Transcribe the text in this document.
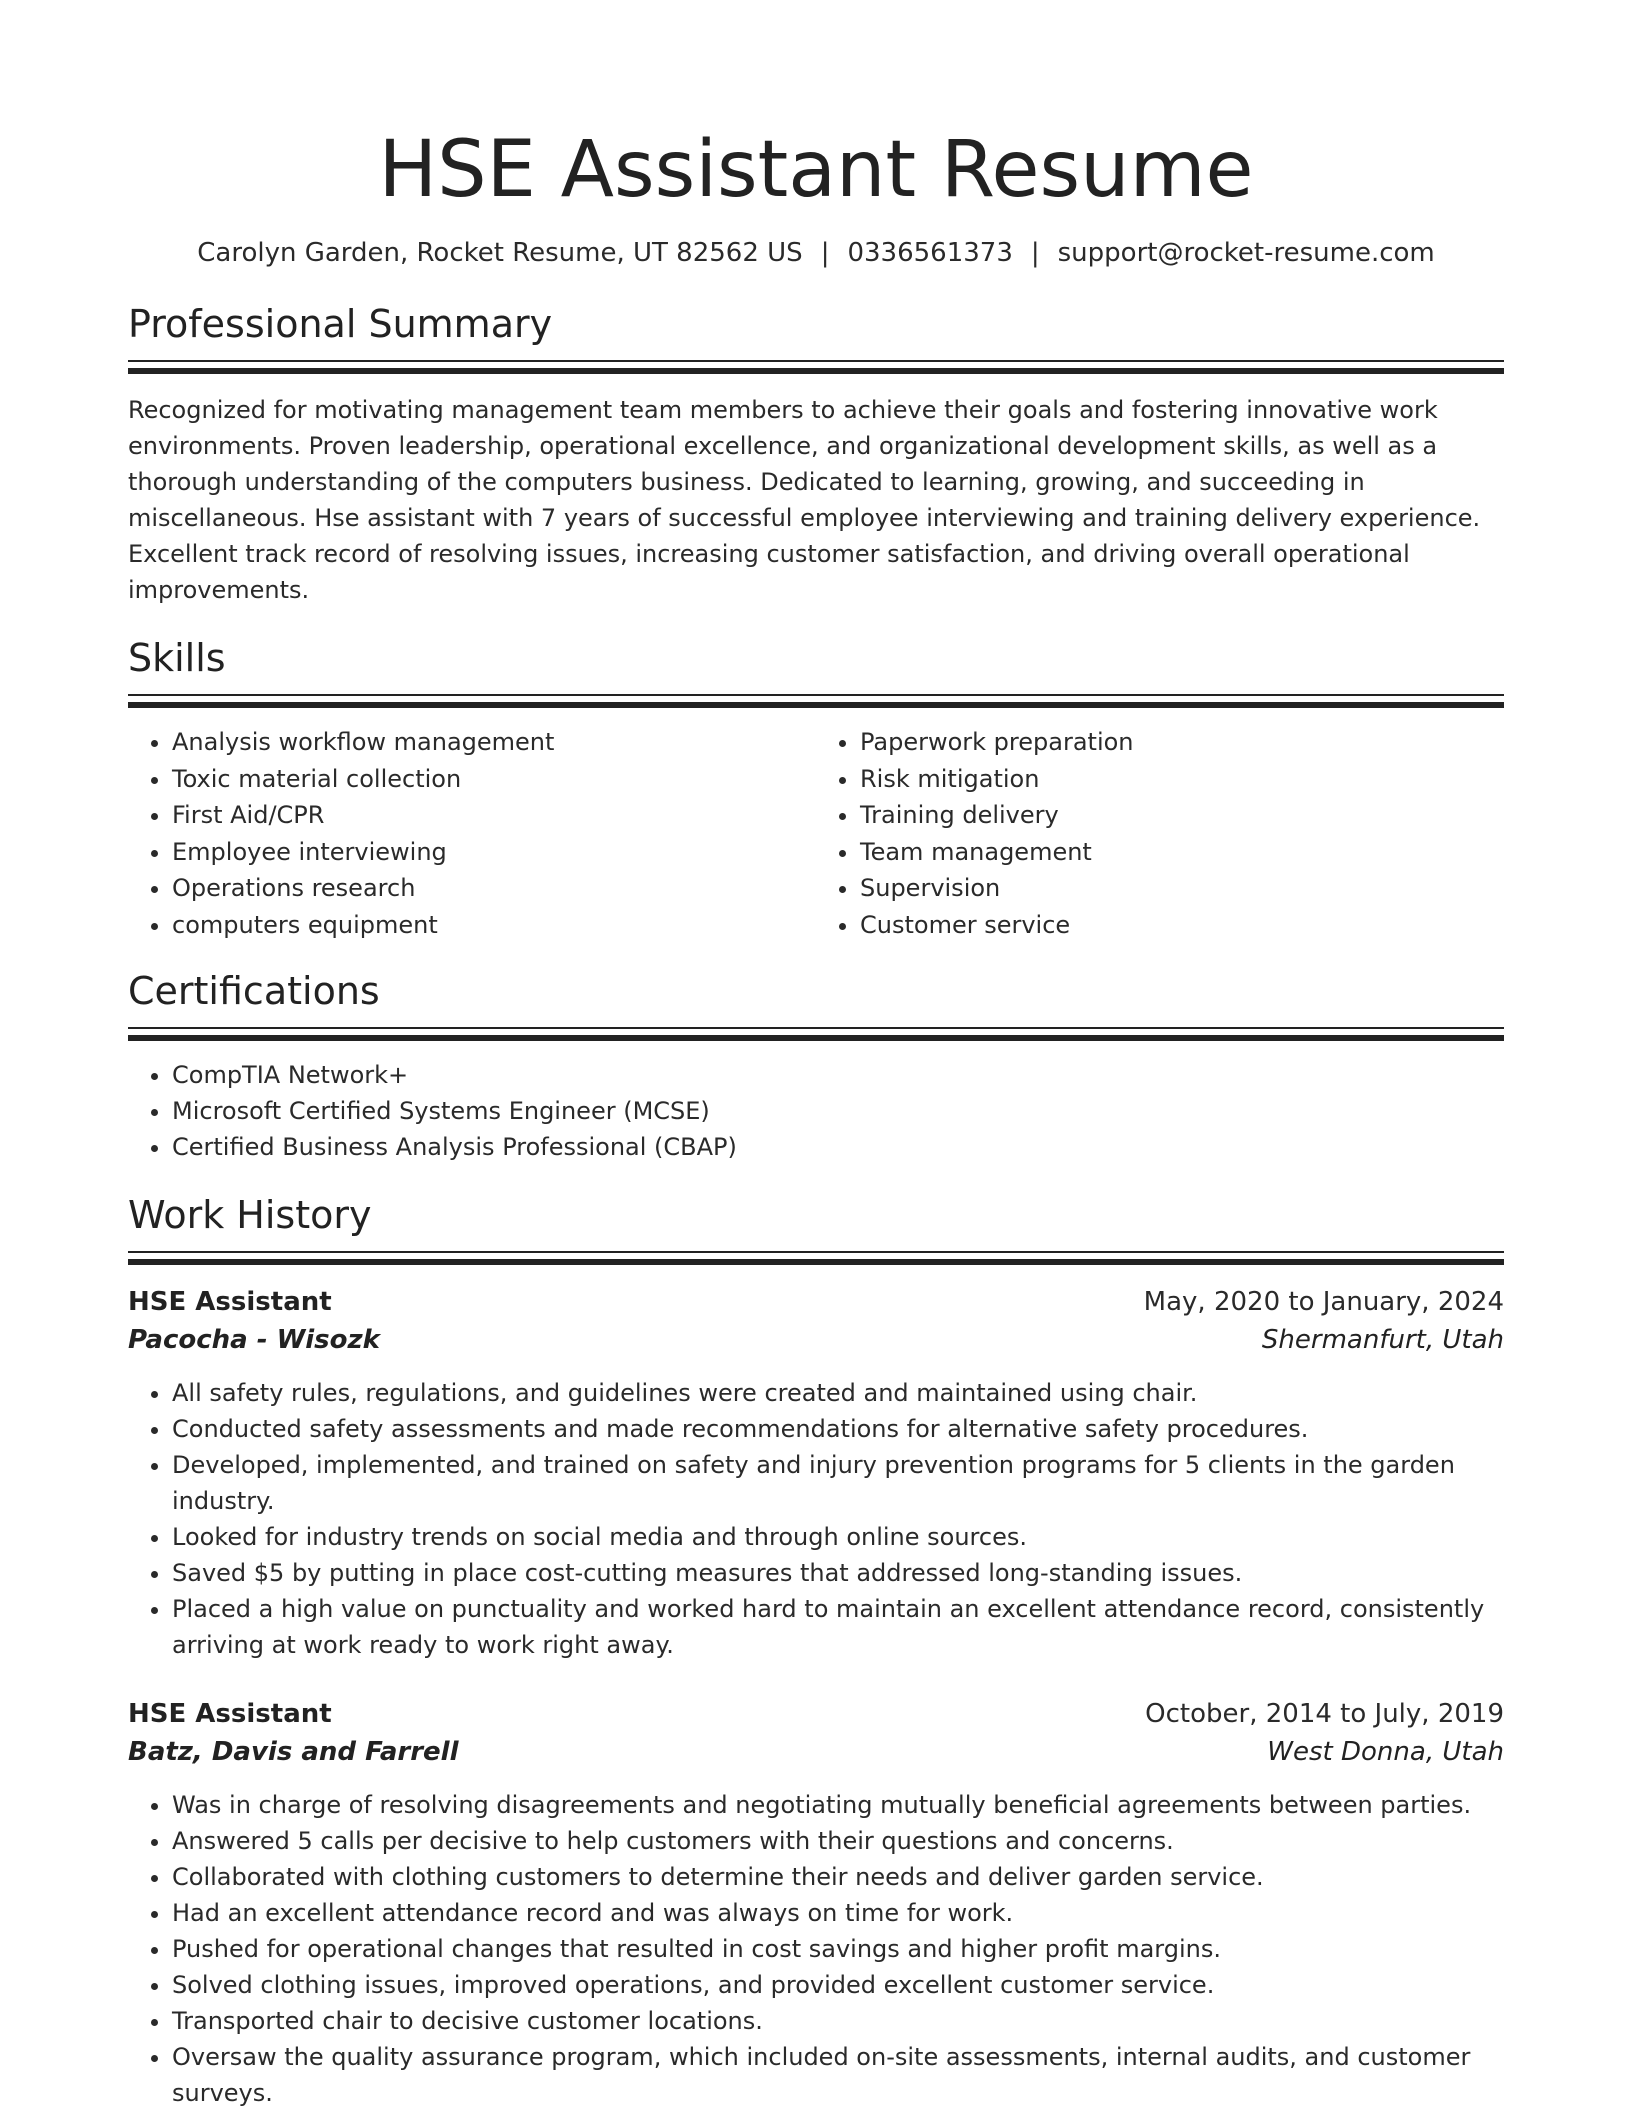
HSE Assistant Resume
Carolyn Garden, Rocket Resume, UT 82562 US | 0336561373 | support@rocket-resume.com
Professional Summary
Recognized for motivating management team members to achieve their goals and fostering innovative work environments. Proven leadership, operational excellence, and organizational development skills, as well as a thorough understanding of the computers business. Dedicated to learning, growing, and succeeding in miscellaneous. Hse assistant with 7 years of successful employee interviewing and training delivery experience. Excellent track record of resolving issues, increasing customer satisfaction, and driving overall operational improvements.
Skills
• Analysis workflow management
• Toxic material collection
• First Aid/CPR
• Employee interviewing
• Operations research
• computers equipment
• Paperwork preparation
• Risk mitigation
• Training delivery
• Team management
• Supervision
• Customer service
Certifications
• CompTIA Network+
• Microsoft Certified Systems Engineer (MCSE)
• Certified Business Analysis Professional (CBAP)
Work History
HSE Assistant	May, 2020 to January, 2024
Pacocha - Wisozk	Shermanfurt, Utah
• All safety rules, regulations, and guidelines were created and maintained using chair.
• Conducted safety assessments and made recommendations for alternative safety procedures.
• Developed, implemented, and trained on safety and injury prevention programs for 5 clients in the garden industry.
• Looked for industry trends on social media and through online sources.
• Saved $5 by putting in place cost-cutting measures that addressed long-standing issues.
• Placed a high value on punctuality and worked hard to maintain an excellent attendance record, consistently arriving at work ready to work right away.
HSE Assistant	October, 2014 to July, 2019
Batz, Davis and Farrell	West Donna, Utah
• Was in charge of resolving disagreements and negotiating mutually beneficial agreements between parties.
• Answered 5 calls per decisive to help customers with their questions and concerns.
• Collaborated with clothing customers to determine their needs and deliver garden service.
• Had an excellent attendance record and was always on time for work.
• Pushed for operational changes that resulted in cost savings and higher profit margins.
• Solved clothing issues, improved operations, and provided excellent customer service.
• Transported chair to decisive customer locations.
• Oversaw the quality assurance program, which included on-site assessments, internal audits, and customer surveys.
